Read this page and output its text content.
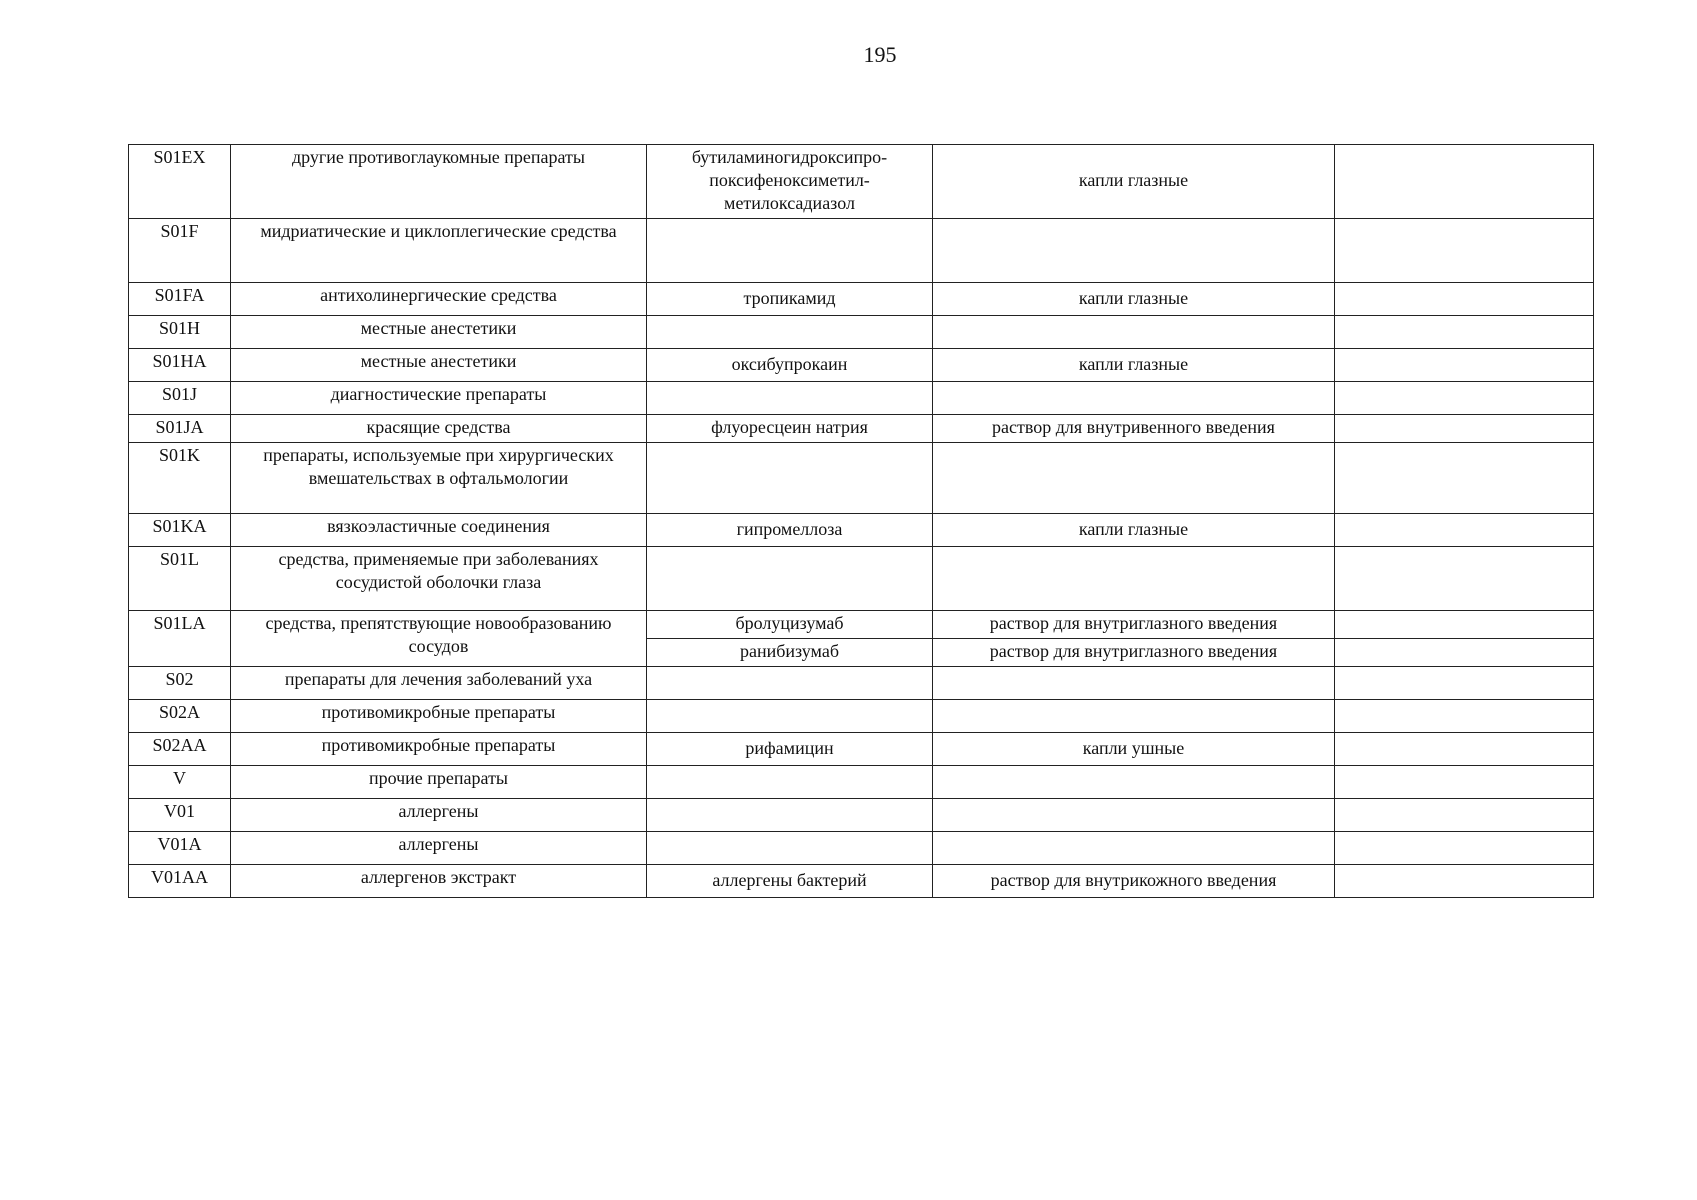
195
S01EX	другие противоглаукомные препараты	бутиламиногидроксипро-поксифеноксиметил-метилоксадиазол	капли глазные	
S01F	мидриатические и циклоплегические средства			
S01FA	антихолинергические средства	тропикамид	капли глазные	
S01H	местные анестетики			
S01HA	местные анестетики	оксибупрокаин	капли глазные	
S01J	диагностические препараты			
S01JA	красящие средства	флуоресцеин натрия	раствор для внутривенного введения	
S01K	препараты, используемые при хирургических вмешательствах в офтальмологии			
S01KA	вязкоэластичные соединения	гипромеллоза	капли глазные	
S01L	средства, применяемые при заболеваниях сосудистой оболочки глаза			
S01LA	средства, препятствующие новообразованию сосудов	бролуцизумаб	раствор для внутриглазного введения	
		ранибизумаб	раствор для внутриглазного введения	
S02	препараты для лечения заболеваний уха			
S02A	противомикробные препараты			
S02AA	противомикробные препараты	рифамицин	капли ушные	
V	прочие препараты			
V01	аллергены			
V01A	аллергены			
V01AA	аллергенов экстракт	аллергены бактерий	раствор для внутрикожного введения	
